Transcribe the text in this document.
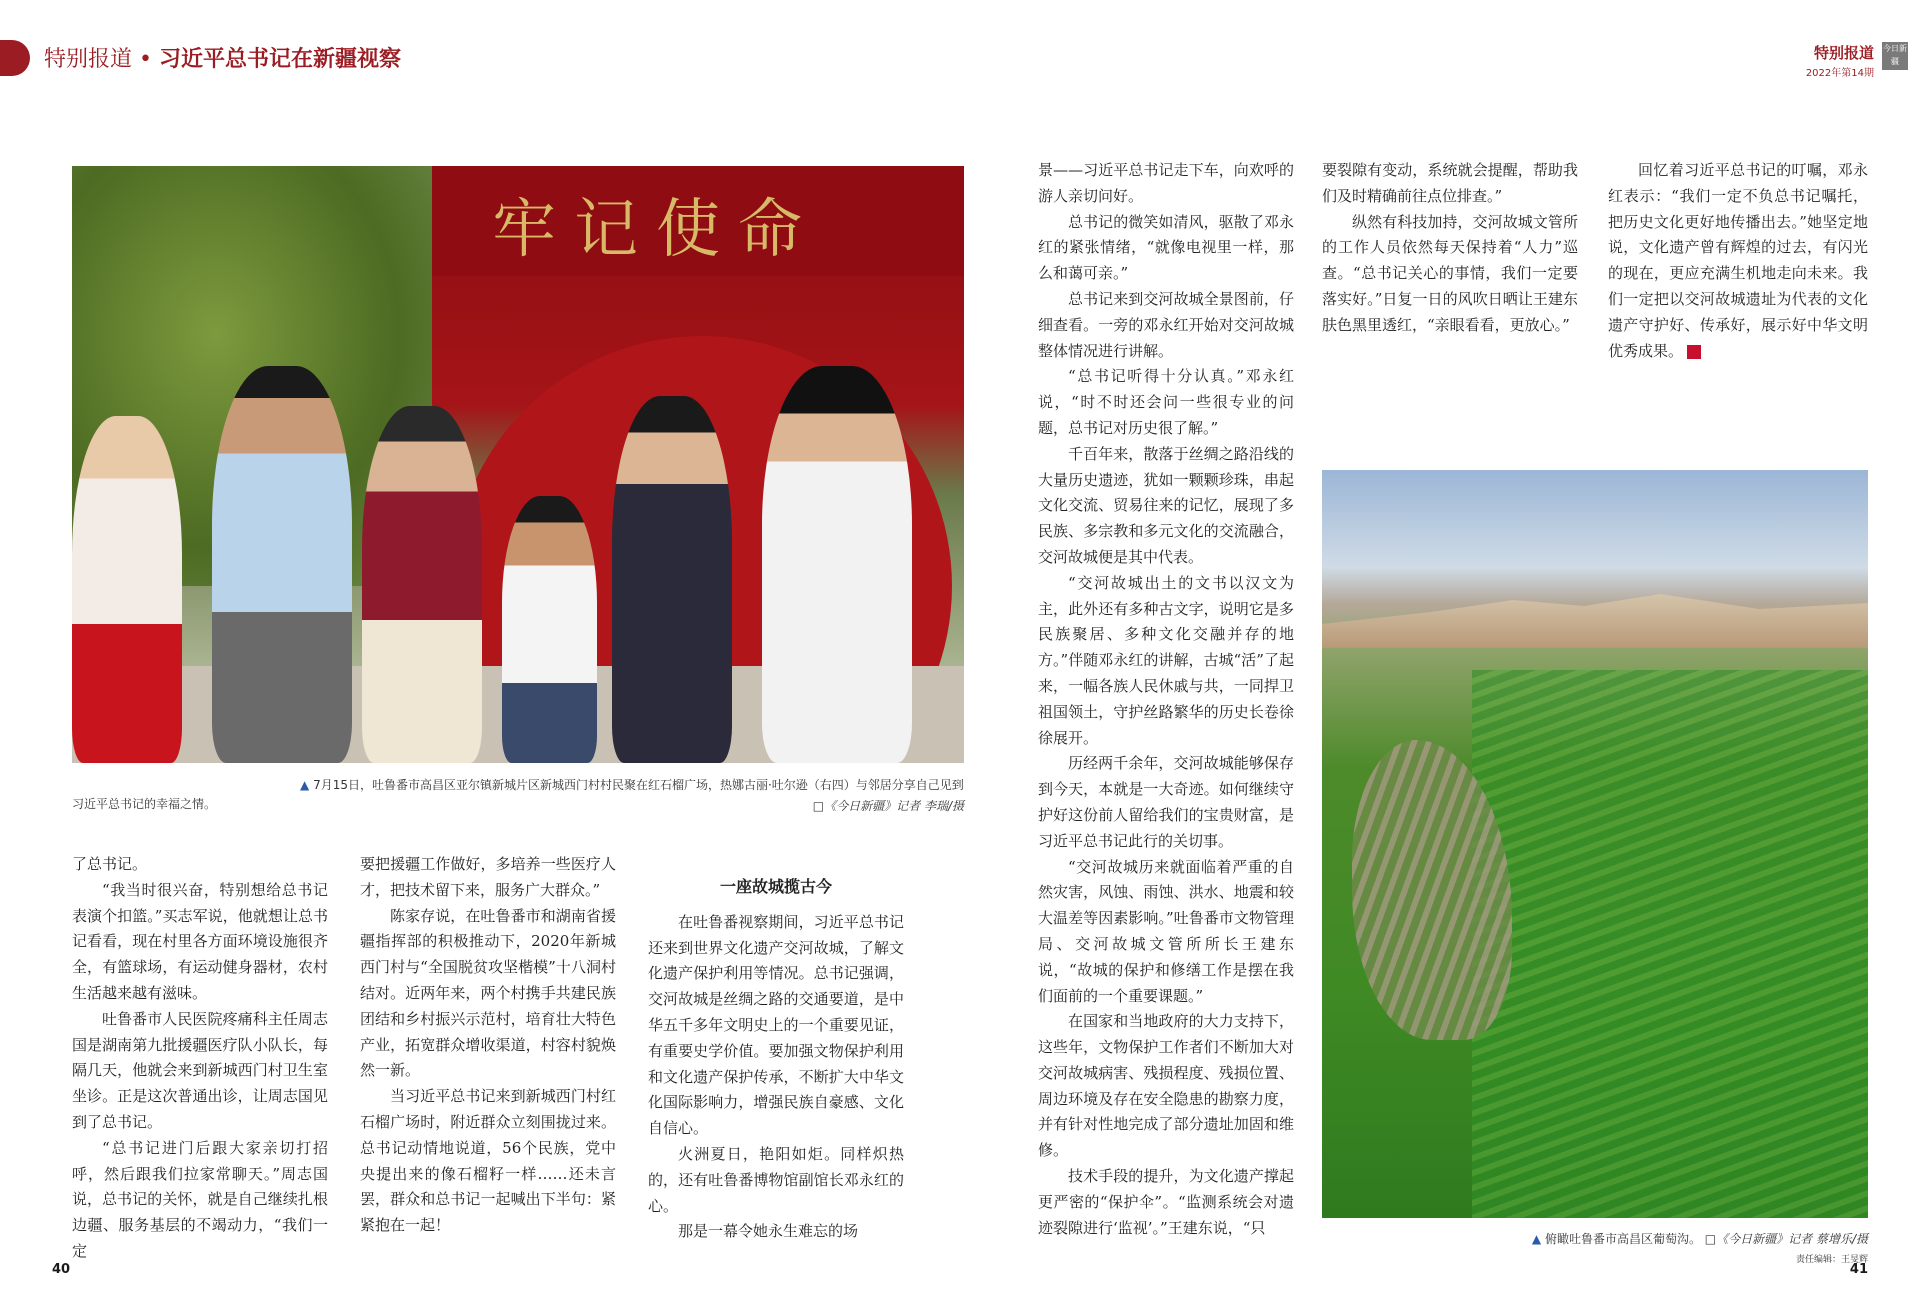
特别报道 • 习近平总书记在新疆视察	特别报道
2022年第14期
今日新疆
牢记使命
▲ 7月15日，吐鲁番市高昌区亚尔镇新城片区新城西门村村民聚在红石榴广场，热娜古丽·吐尔逊（右四）与邻居分享自己见到习近平总书记的幸福之情。	□《今日新疆》记者 李瑞/摄

了总书记。

“我当时很兴奋，特别想给总书记表演个扣篮。”买志军说，他就想让总书记看看，现在村里各方面环境设施很齐全，有篮球场，有运动健身器材，农村生活越来越有滋味。

吐鲁番市人民医院疼痛科主任周志国是湖南第九批援疆医疗队小队长，每隔几天，他就会来到新城西门村卫生室坐诊。正是这次普通出诊，让周志国见到了总书记。

“总书记进门后跟大家亲切打招呼，然后跟我们拉家常聊天。”周志国说，总书记的关怀，就是自己继续扎根边疆、服务基层的不竭动力，“我们一定

要把援疆工作做好，多培养一些医疗人才，把技术留下来，服务广大群众。”

陈家存说，在吐鲁番市和湖南省援疆指挥部的积极推动下，2020年新城西门村与“全国脱贫攻坚楷模”十八洞村结对。近两年来，两个村携手共建民族团结和乡村振兴示范村，培育壮大特色产业，拓宽群众增收渠道，村容村貌焕然一新。

当习近平总书记来到新城西门村红石榴广场时，附近群众立刻围拢过来。总书记动情地说道，56个民族，党中央提出来的像石榴籽一样……还未言罢，群众和总书记一起喊出下半句：紧紧抱在一起！

一座故城揽古今

在吐鲁番视察期间，习近平总书记还来到世界文化遗产交河故城，了解文化遗产保护利用等情况。总书记强调，交河故城是丝绸之路的交通要道，是中华五千多年文明史上的一个重要见证，有重要史学价值。要加强文物保护利用和文化遗产保护传承，不断扩大中华文化国际影响力，增强民族自豪感、文化自信心。

火洲夏日，艳阳如炬。同样炽热的，还有吐鲁番博物馆副馆长邓永红的心。

那是一幕令她永生难忘的场

景——习近平总书记走下车，向欢呼的游人亲切问好。

总书记的微笑如清风，驱散了邓永红的紧张情绪，“就像电视里一样，那么和蔼可亲。”

总书记来到交河故城全景图前，仔细查看。一旁的邓永红开始对交河故城整体情况进行讲解。

“总书记听得十分认真。”邓永红说，“时不时还会问一些很专业的问题，总书记对历史很了解。”

千百年来，散落于丝绸之路沿线的大量历史遗迹，犹如一颗颗珍珠，串起文化交流、贸易往来的记忆，展现了多民族、多宗教和多元文化的交流融合，交河故城便是其中代表。

“交河故城出土的文书以汉文为主，此外还有多种古文字，说明它是多民族聚居、多种文化交融并存的地方。”伴随邓永红的讲解，古城“活”了起来，一幅各族人民休戚与共，一同捍卫祖国领土，守护丝路繁华的历史长卷徐徐展开。

历经两千余年，交河故城能够保存到今天，本就是一大奇迹。如何继续守护好这份前人留给我们的宝贵财富，是习近平总书记此行的关切事。

“交河故城历来就面临着严重的自然灾害，风蚀、雨蚀、洪水、地震和较大温差等因素影响。”吐鲁番市文物管理局、交河故城文管所所长王建东说，“故城的保护和修缮工作是摆在我们面前的一个重要课题。”

在国家和当地政府的大力支持下，这些年，文物保护工作者们不断加大对交河故城病害、残损程度、残损位置、周边环境及存在安全隐患的勘察力度，并有针对性地完成了部分遗址加固和维修。

技术手段的提升，为文化遗产撑起更严密的“保护伞”。“监测系统会对遗迹裂隙进行‘监视’。”王建东说，“只

要裂隙有变动，系统就会提醒，帮助我们及时精确前往点位排查。”

纵然有科技加持，交河故城文管所的工作人员依然每天保持着“人力”巡查。“总书记关心的事情，我们一定要落实好。”日复一日的风吹日晒让王建东肤色黑里透红，“亲眼看看，更放心。”

回忆着习近平总书记的叮嘱，邓永红表示：“我们一定不负总书记嘱托，把历史文化更好地传播出去。”她坚定地说，文化遗产曾有辉煌的过去，有闪光的现在，更应充满生机地走向未来。我们一定把以交河故城遗址为代表的文化遗产守护好、传承好，展示好中华文明优秀成果。	J

▲ 俯瞰吐鲁番市高昌区葡萄沟。 □《今日新疆》记者 蔡增乐/摄
责任编辑：王旻辉
40	41
